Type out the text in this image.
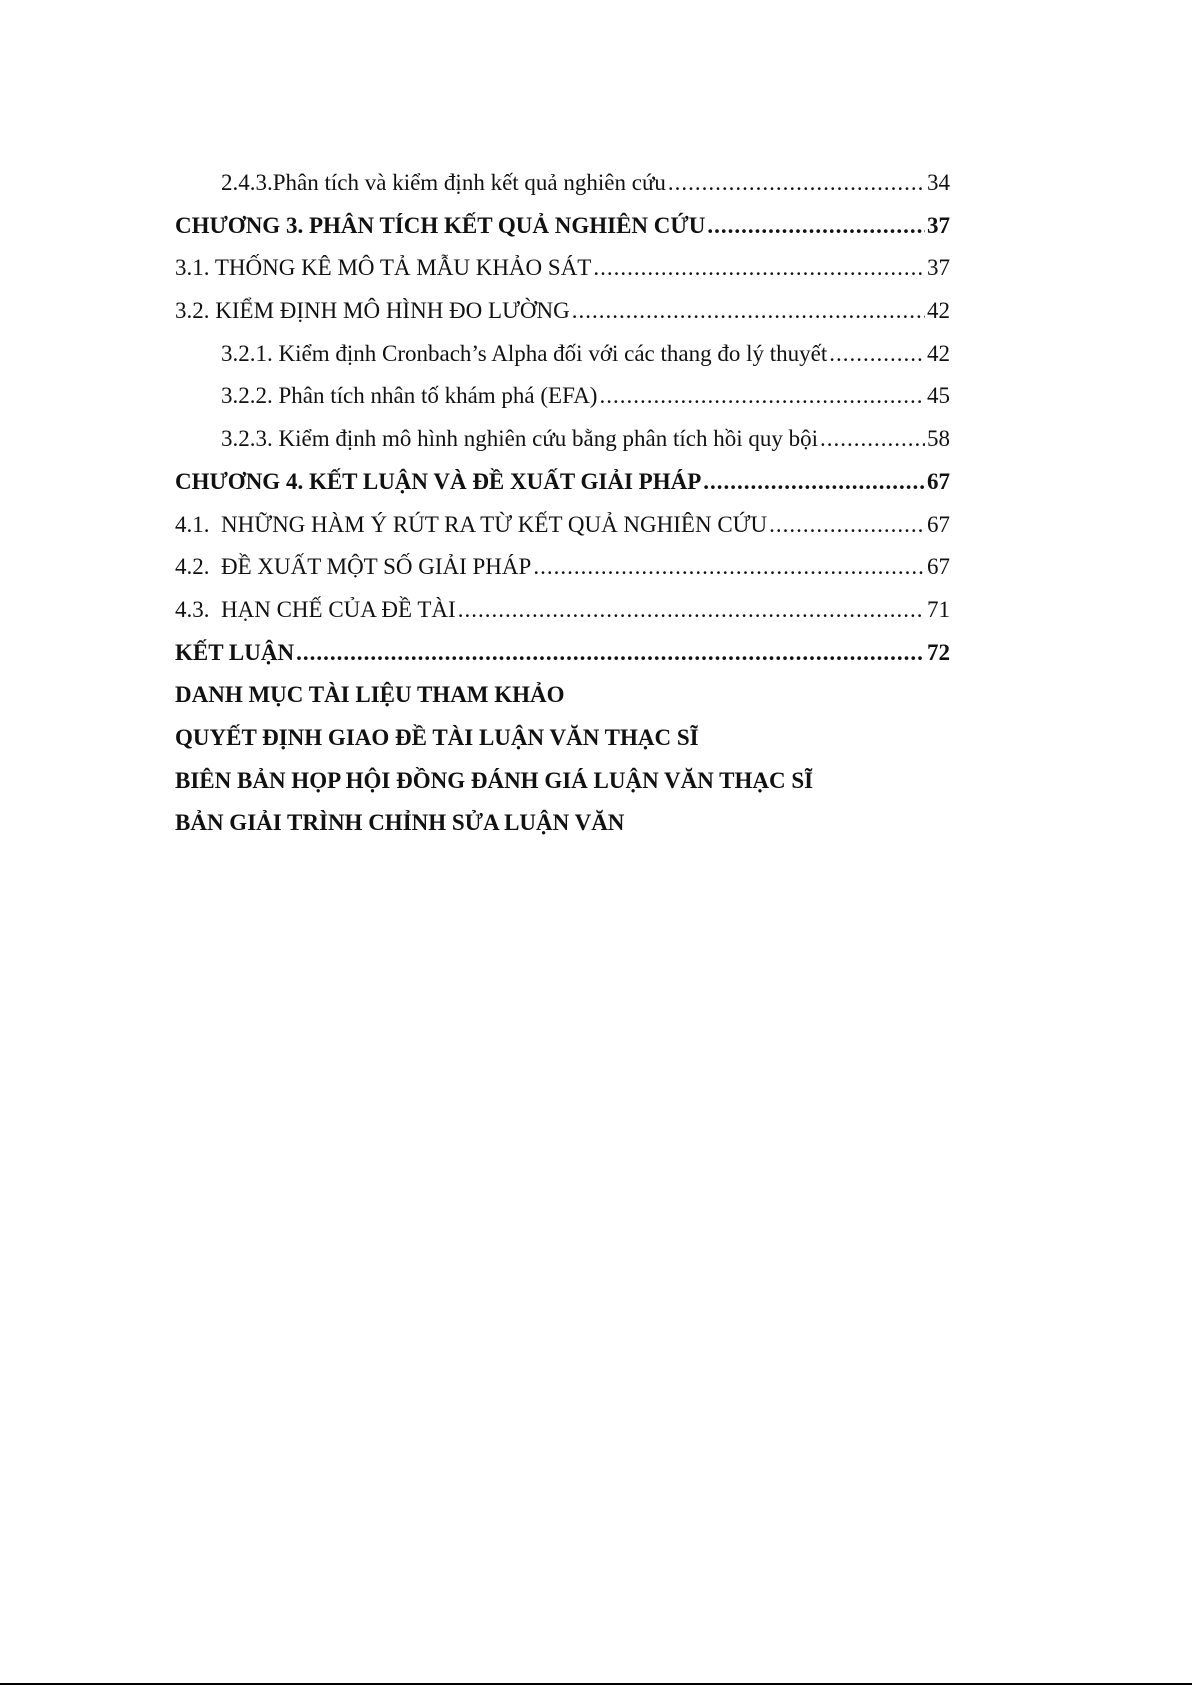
2.4.3.Phân tích và kiểm định kết quả nghiên cứu .....	34
CHƯƠNG 3. PHÂN TÍCH KẾT QUẢ NGHIÊN CỨU .....	37
3.1. THỐNG KÊ MÔ TẢ MẪU KHẢO SÁT .....	37
3.2. KIỂM ĐỊNH MÔ HÌNH ĐO LƯỜNG .....	42
3.2.1. Kiểm định Cronbach’s Alpha đối với các thang đo lý thuyết .....	42
3.2.2. Phân tích nhân tố khám phá (EFA) .....	45
3.2.3. Kiểm định mô hình nghiên cứu bằng phân tích hồi quy bội .....	58
CHƯƠNG 4. KẾT LUẬN VÀ ĐỀ XUẤT GIẢI PHÁP .....	67
4.1.  NHỮNG HÀM Ý RÚT RA TỪ KẾT QUẢ NGHIÊN CỨU .....	67
4.2.  ĐỀ XUẤT MỘT SỐ GIẢI PHÁP .....	67
4.3.  HẠN CHẾ CỦA ĐỀ TÀI .....	71
KẾT LUẬN .....	72
DANH MỤC TÀI LIỆU THAM KHẢO
QUYẾT ĐỊNH GIAO ĐỀ TÀI LUẬN VĂN THẠC SĨ
BIÊN BẢN HỌP HỘI ĐỒNG ĐÁNH GIÁ LUẬN VĂN THẠC SĨ
BẢN GIẢI TRÌNH CHỈNH SỬA LUẬN VĂN
